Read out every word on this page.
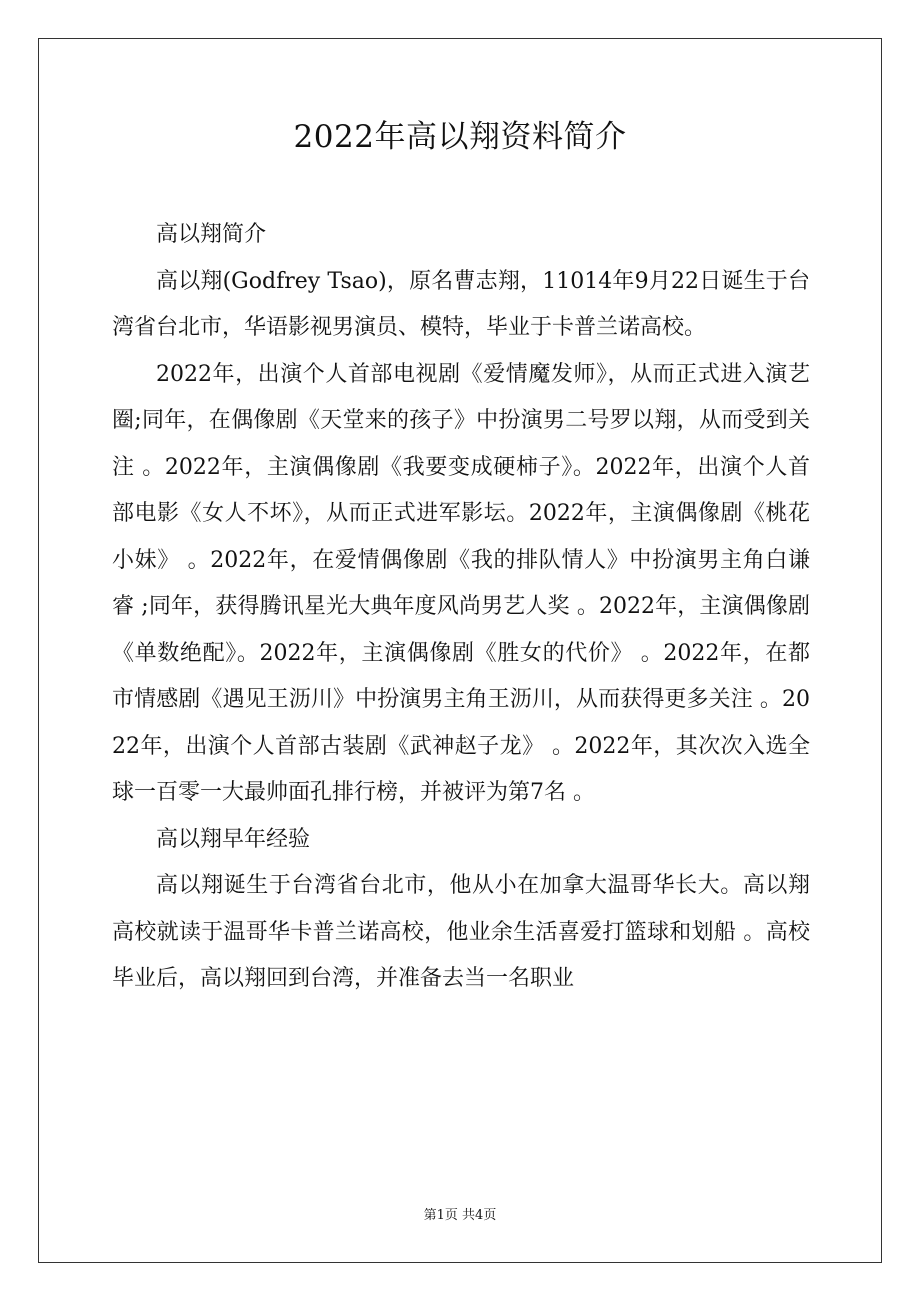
2022年高以翔资料简介

高以翔简介

高以翔(Godfrey Tsao)，原名曹志翔，11014年9月22日诞生于台湾省台北市，华语影视男演员、模特，毕业于卡普兰诺高校。

2022年，出演个人首部电视剧《爱情魔发师》，从而正式进入演艺圈;同年，在偶像剧《天堂来的孩子》中扮演男二号罗以翔，从而受到关注 。2022年，主演偶像剧《我要变成硬柿子》。2022年，出演个人首部电影《女人不坏》，从而正式进军影坛。2022年，主演偶像剧《桃花小妹》 。2022年，在爱情偶像剧《我的排队情人》中扮演男主角白谦睿 ;同年，获得腾讯星光大典年度风尚男艺人奖 。2022年，主演偶像剧《单数绝配》。2022年，主演偶像剧《胜女的代价》 。2022年，在都市情感剧《遇见王沥川》中扮演男主角王沥川，从而获得更多关注 。2022年，出演个人首部古装剧《武神赵子龙》 。2022年，其次次入选全球一百零一大最帅面孔排行榜，并被评为第7名 。

高以翔早年经验

高以翔诞生于台湾省台北市，他从小在加拿大温哥华长大。高以翔高校就读于温哥华卡普兰诺高校，他业余生活喜爱打篮球和划船 。高校毕业后，高以翔回到台湾，并准备去当一名职业

第1页 共4页
